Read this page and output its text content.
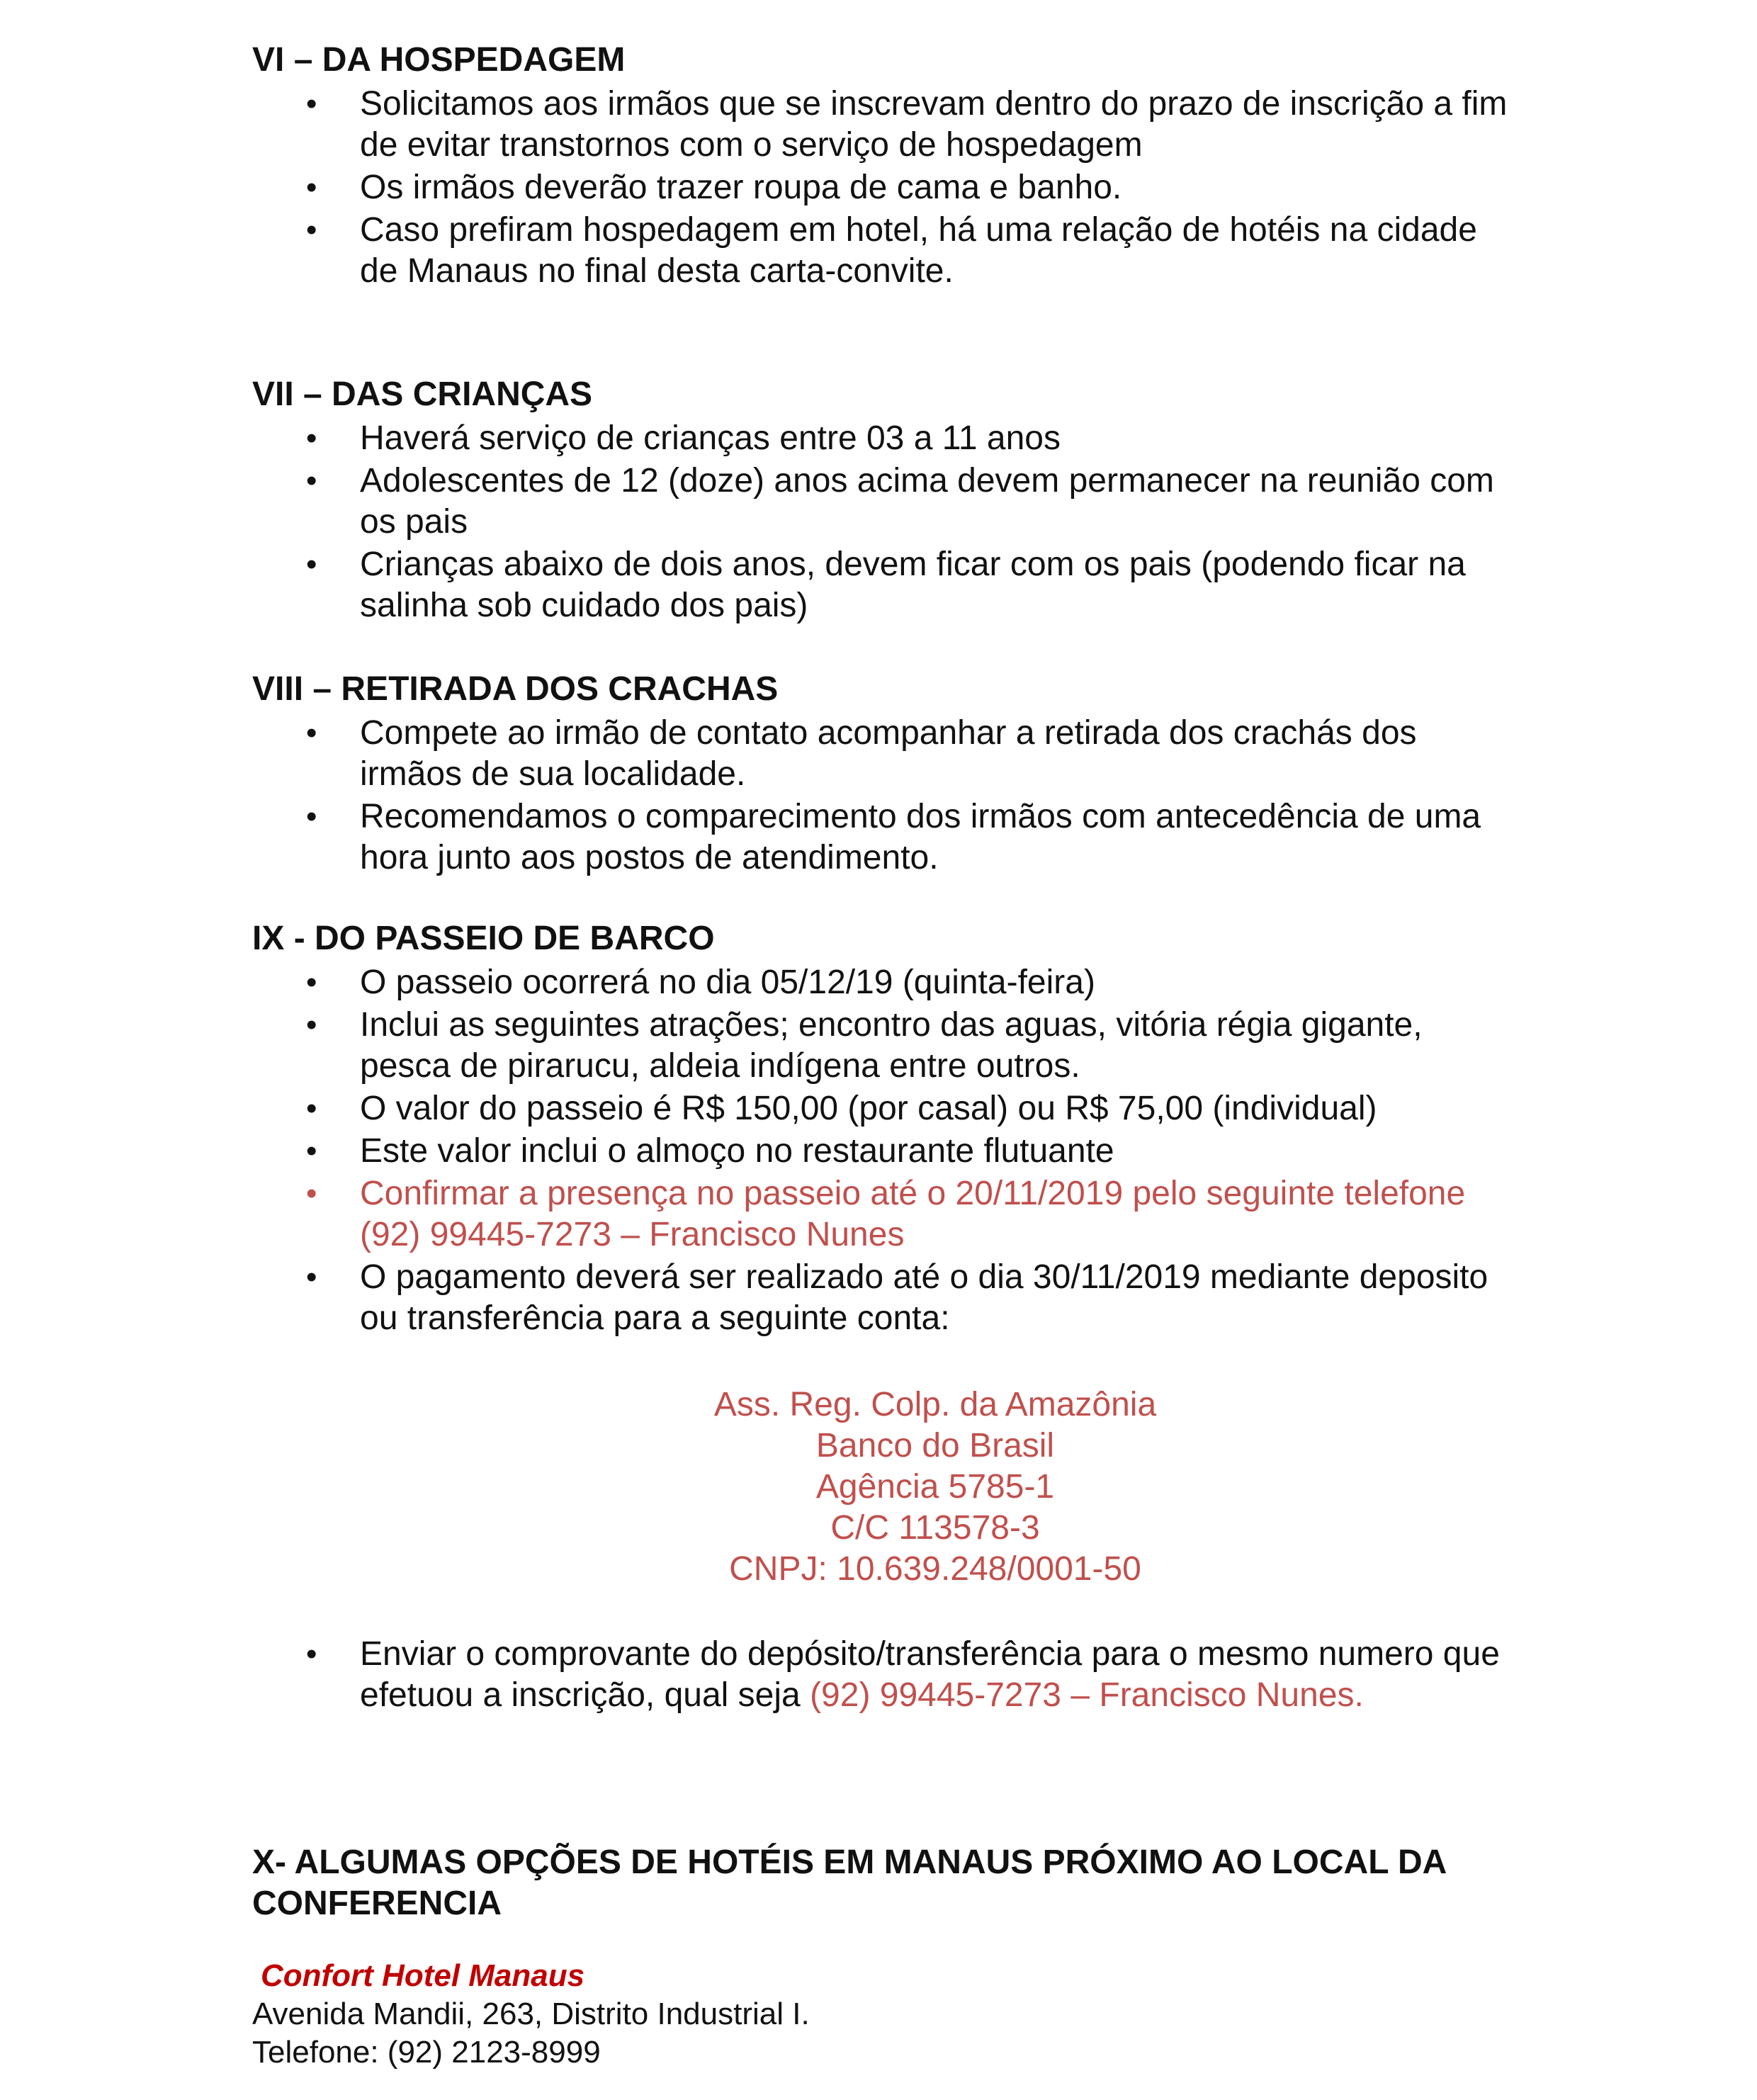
VI – DA HOSPEDAGEM
• Solicitamos aos irmãos que se inscrevam dentro do prazo de inscrição a fim de evitar transtornos com o serviço de hospedagem
• Os irmãos deverão trazer roupa de cama e banho.
• Caso prefiram hospedagem em hotel, há uma relação de hotéis na cidade de Manaus no final desta carta-convite.
VII – DAS CRIANÇAS
• Haverá serviço de crianças entre 03 a 11 anos
• Adolescentes de 12 (doze) anos acima devem permanecer na reunião com os pais
• Crianças abaixo de dois anos, devem ficar com os pais (podendo ficar na salinha sob cuidado dos pais)
VIII – RETIRADA DOS CRACHAS
• Compete ao irmão de contato acompanhar a retirada dos crachás dos irmãos de sua localidade.
• Recomendamos o comparecimento dos irmãos com antecedência de uma hora junto aos postos de atendimento.
IX - DO PASSEIO DE BARCO
• O passeio ocorrerá no dia 05/12/19 (quinta-feira)
• Inclui as seguintes atrações; encontro das aguas, vitória régia gigante, pesca de pirarucu, aldeia indígena entre outros.
• O valor do passeio é R$ 150,00 (por casal) ou R$ 75,00 (individual)
• Este valor inclui o almoço no restaurante flutuante
• Confirmar a presença no passeio até o 20/11/2019 pelo seguinte telefone (92) 99445-7273 – Francisco Nunes
• O pagamento deverá ser realizado até o dia 30/11/2019 mediante deposito ou transferência para a seguinte conta:
Ass. Reg. Colp. da Amazônia
Banco do Brasil
Agência 5785-1
C/C 113578-3
CNPJ: 10.639.248/0001-50
• Enviar o comprovante do depósito/transferência para o mesmo numero que efetuou a inscrição, qual seja (92) 99445-7273 – Francisco Nunes.
X- ALGUMAS OPÇÕES DE HOTÉIS EM MANAUS PRÓXIMO AO LOCAL DA CONFERENCIA
Confort Hotel Manaus
Avenida Mandii, 263, Distrito Industrial I.
Telefone: (92) 2123-8999
